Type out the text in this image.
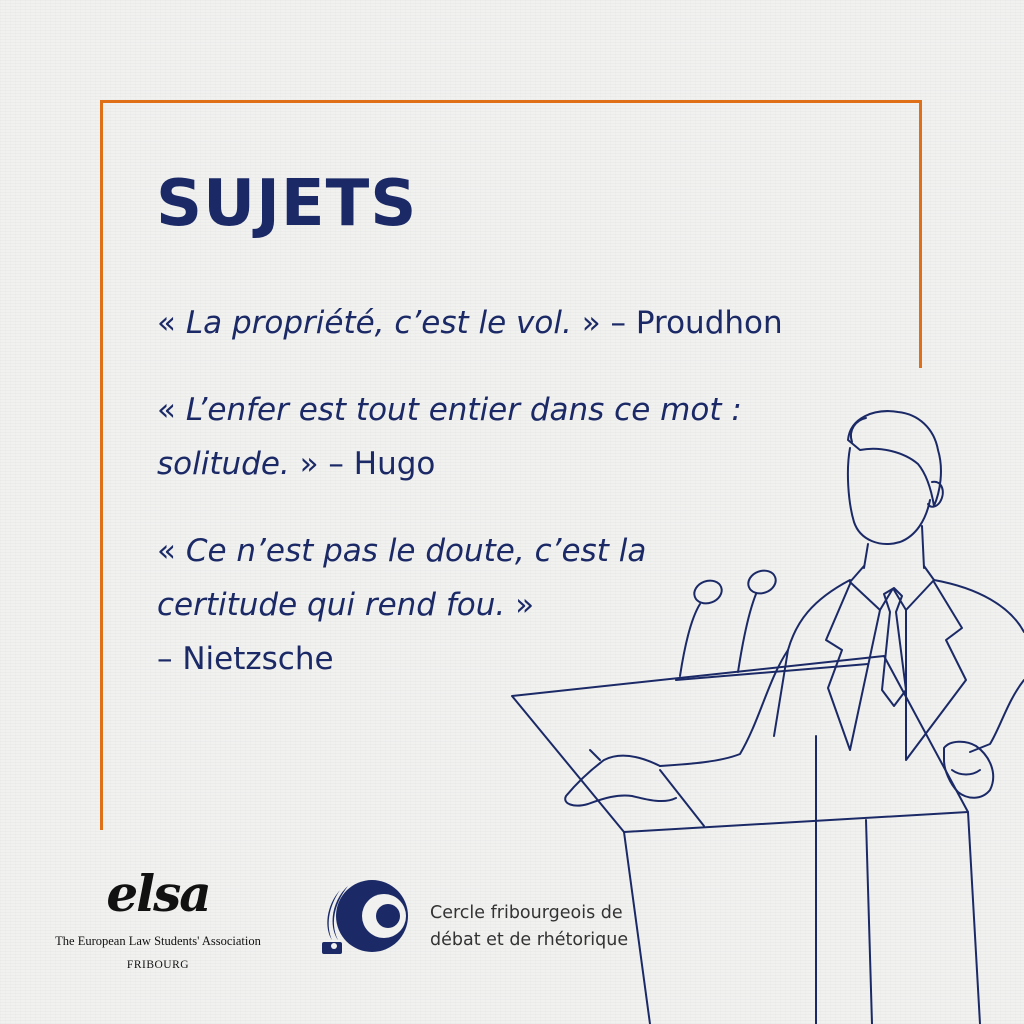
SUJETS

« La propriété, c’est le vol. » – Proudhon

« L’enfer est tout entier dans ce mot :
solitude. » – Hugo

« Ce n’est pas le doute, c’est la
certitude qui rend fou. »
– Nietzsche

elsa
The European Law Students' Association
FRIBOURG

Cercle fribourgeois de
débat et de rhétorique
